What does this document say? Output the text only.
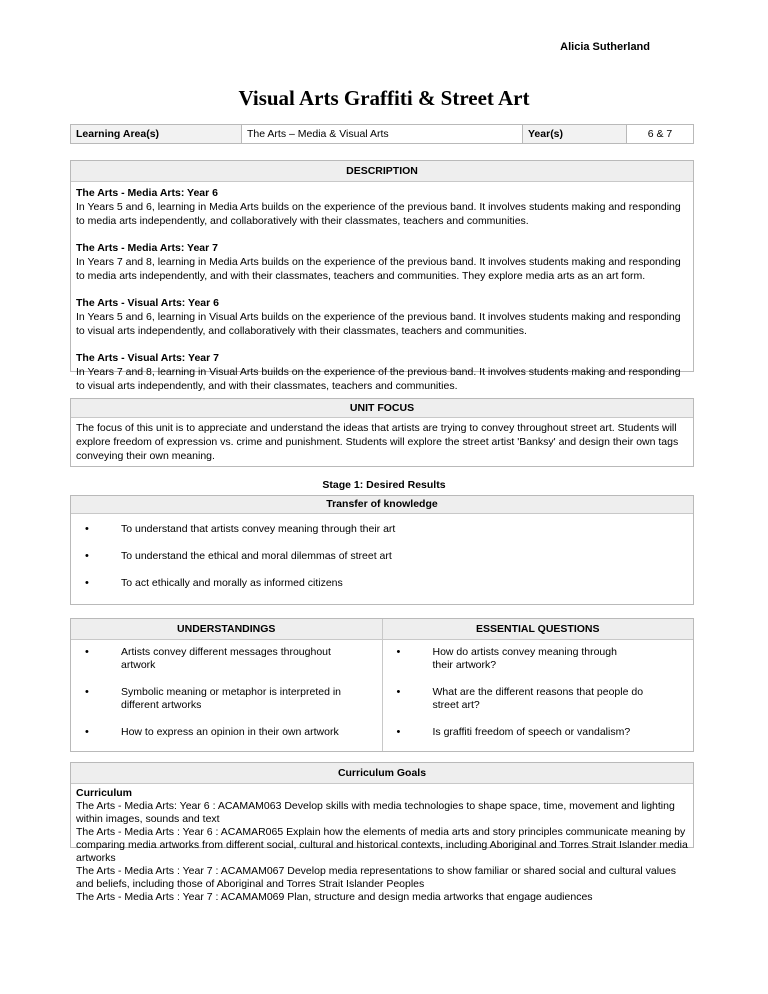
Alicia Sutherland
Visual Arts Graffiti & Street Art
Learning Area(s)	The Arts – Media & Visual Arts	Year(s)	6 & 7
DESCRIPTION

The Arts - Media Arts: Year 6
In Years 5 and 6, learning in Media Arts builds on the experience of the previous band. It involves students making and responding to media arts independently, and collaboratively with their classmates, teachers and communities.

The Arts - Media Arts: Year 7
In Years 7 and 8, learning in Media Arts builds on the experience of the previous band. It involves students making and responding to media arts independently, and with their classmates, teachers and communities. They explore media arts as an art form.

The Arts - Visual Arts: Year 6
In Years 5 and 6, learning in Visual Arts builds on the experience of the previous band. It involves students making and responding to visual arts independently, and collaboratively with their classmates, teachers and communities.

The Arts - Visual Arts: Year 7
In Years 7 and 8, learning in Visual Arts builds on the experience of the previous band. It involves students making and responding to visual arts independently, and with their classmates, teachers and communities.

UNIT FOCUS
The focus of this unit is to appreciate and understand the ideas that artists are trying to convey throughout street art. Students will explore freedom of expression vs. crime and punishment. Students will explore the street artist 'Banksy' and design their own tags conveying their own meaning.
Stage 1: Desired Results
Transfer of knowledge
• To understand that artists convey meaning through their art
• To understand the ethical and moral dilemmas of street art
• To act ethically and morally as informed citizens
UNDERSTANDINGS
• Artists convey different messages throughout artwork
• Symbolic meaning or metaphor is interpreted in different artworks
• How to express an opinion in their own artwork
ESSENTIAL QUESTIONS
• How do artists convey meaning through their artwork?
• What are the different reasons that people do street art?
• Is graffiti freedom of speech or vandalism?
Curriculum Goals
Curriculum
The Arts - Media Arts: Year 6 : ACAMAM063 Develop skills with media technologies to shape space, time, movement and lighting within images, sounds and text
The Arts - Media Arts : Year 6 : ACAMAR065 Explain how the elements of media arts and story principles communicate meaning by comparing media artworks from different social, cultural and historical contexts, including Aboriginal and Torres Strait Islander media artworks
The Arts - Media Arts : Year 7 : ACAMAM067 Develop media representations to show familiar or shared social and cultural values and beliefs, including those of Aboriginal and Torres Strait Islander Peoples
The Arts - Media Arts : Year 7 : ACAMAM069 Plan, structure and design media artworks that engage audiences
